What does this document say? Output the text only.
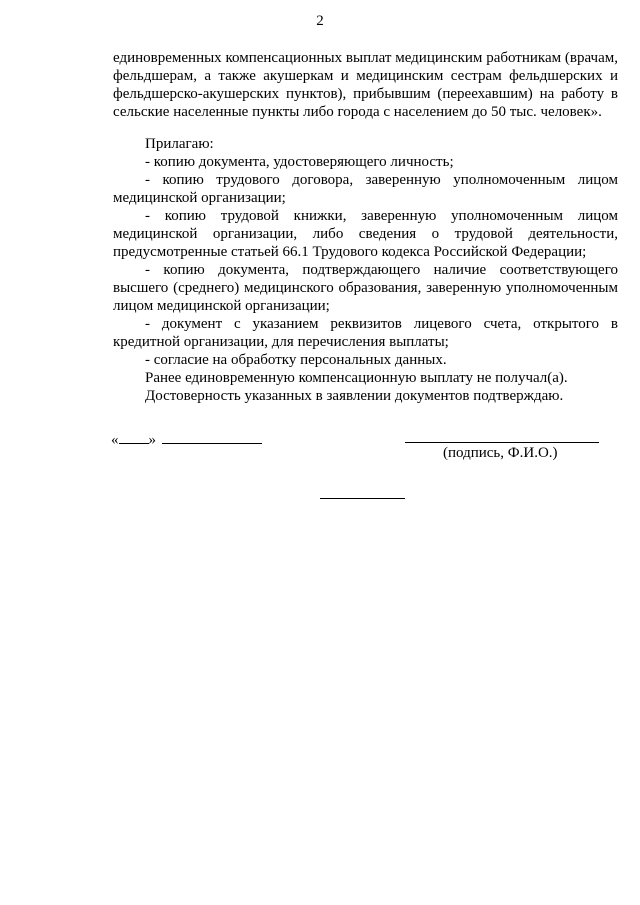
2

единовременных компенсационных выплат медицинским работникам (врачам, фельдшерам, а также акушеркам и медицинским сестрам фельдшерских и фельдшерско-акушерских пунктов), прибывшим (переехавшим) на работу в сельские населенные пункты либо города с населением до 50 тыс. человек».

Прилагаю:

- копию документа, удостоверяющего личность;

- копию трудового договора, заверенную уполномоченным лицом медицинской организации;

- копию трудовой книжки, заверенную уполномоченным лицом медицинской организации, либо сведения о трудовой деятельности, предусмотренные статьей 66.1 Трудового кодекса Российской Федерации;

- копию документа, подтверждающего наличие соответствующего высшего (среднего) медицинского образования, заверенную уполномоченным лицом медицинской организации;

- документ с указанием реквизитов лицевого счета, открытого в кредитной организации, для перечисления выплаты;

- согласие на обработку персональных данных.

Ранее единовременную компенсационную выплату не получал(а).

Достоверность указанных в заявлении документов подтверждаю.

« »
(подпись, Ф.И.О.)
